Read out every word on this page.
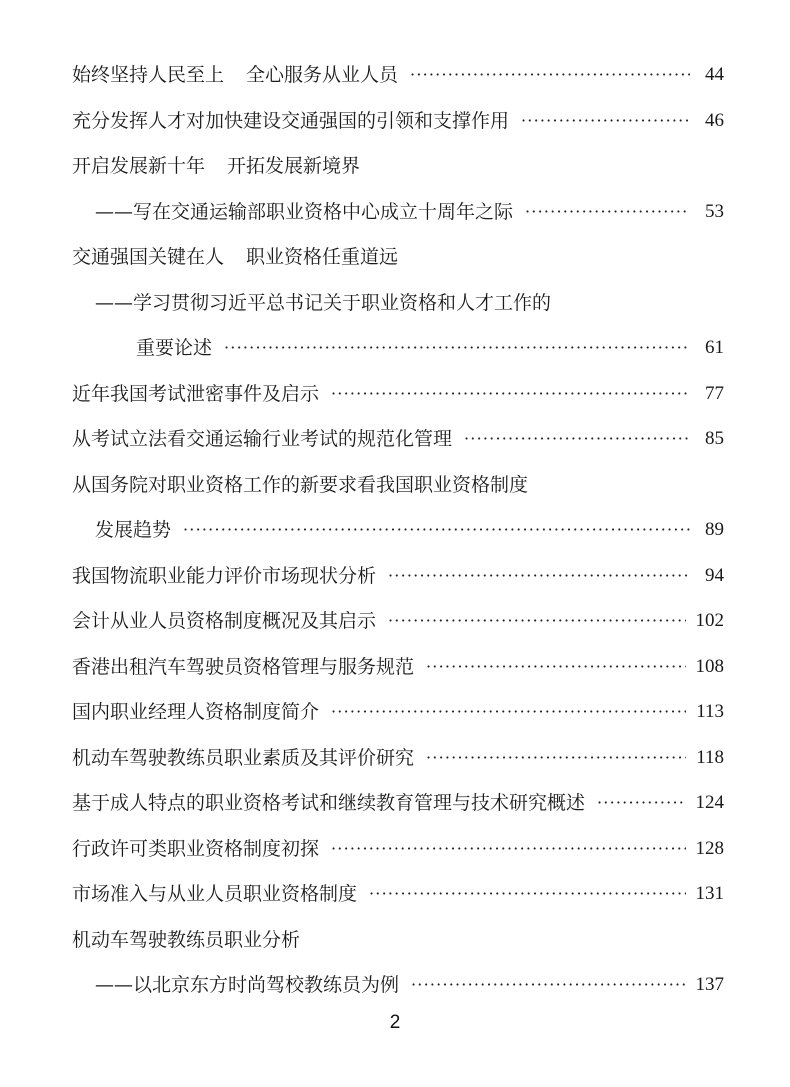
始终坚持人民至上 全心服务从业人员 ·····	44
充分发挥人才对加快建设交通强国的引领和支撑作用 ·····	46
开启发展新十年 开拓发展新境界
——写在交通运输部职业资格中心成立十周年之际 ·····	53
交通强国关键在人 职业资格任重道远
——学习贯彻习近平总书记关于职业资格和人才工作的
重要论述 ·····	61
近年我国考试泄密事件及启示 ·····	77
从考试立法看交通运输行业考试的规范化管理 ·····	85
从国务院对职业资格工作的新要求看我国职业资格制度
发展趋势 ·····	89
我国物流职业能力评价市场现状分析 ·····	94
会计从业人员资格制度概况及其启示 ·····	102
香港出租汽车驾驶员资格管理与服务规范 ·····	108
国内职业经理人资格制度简介 ·····	113
机动车驾驶教练员职业素质及其评价研究 ·····	118
基于成人特点的职业资格考试和继续教育管理与技术研究概述 ·····	124
行政许可类职业资格制度初探 ·····	128
市场准入与从业人员职业资格制度 ·····	131
机动车驾驶教练员职业分析
——以北京东方时尚驾校教练员为例 ·····	137
2
